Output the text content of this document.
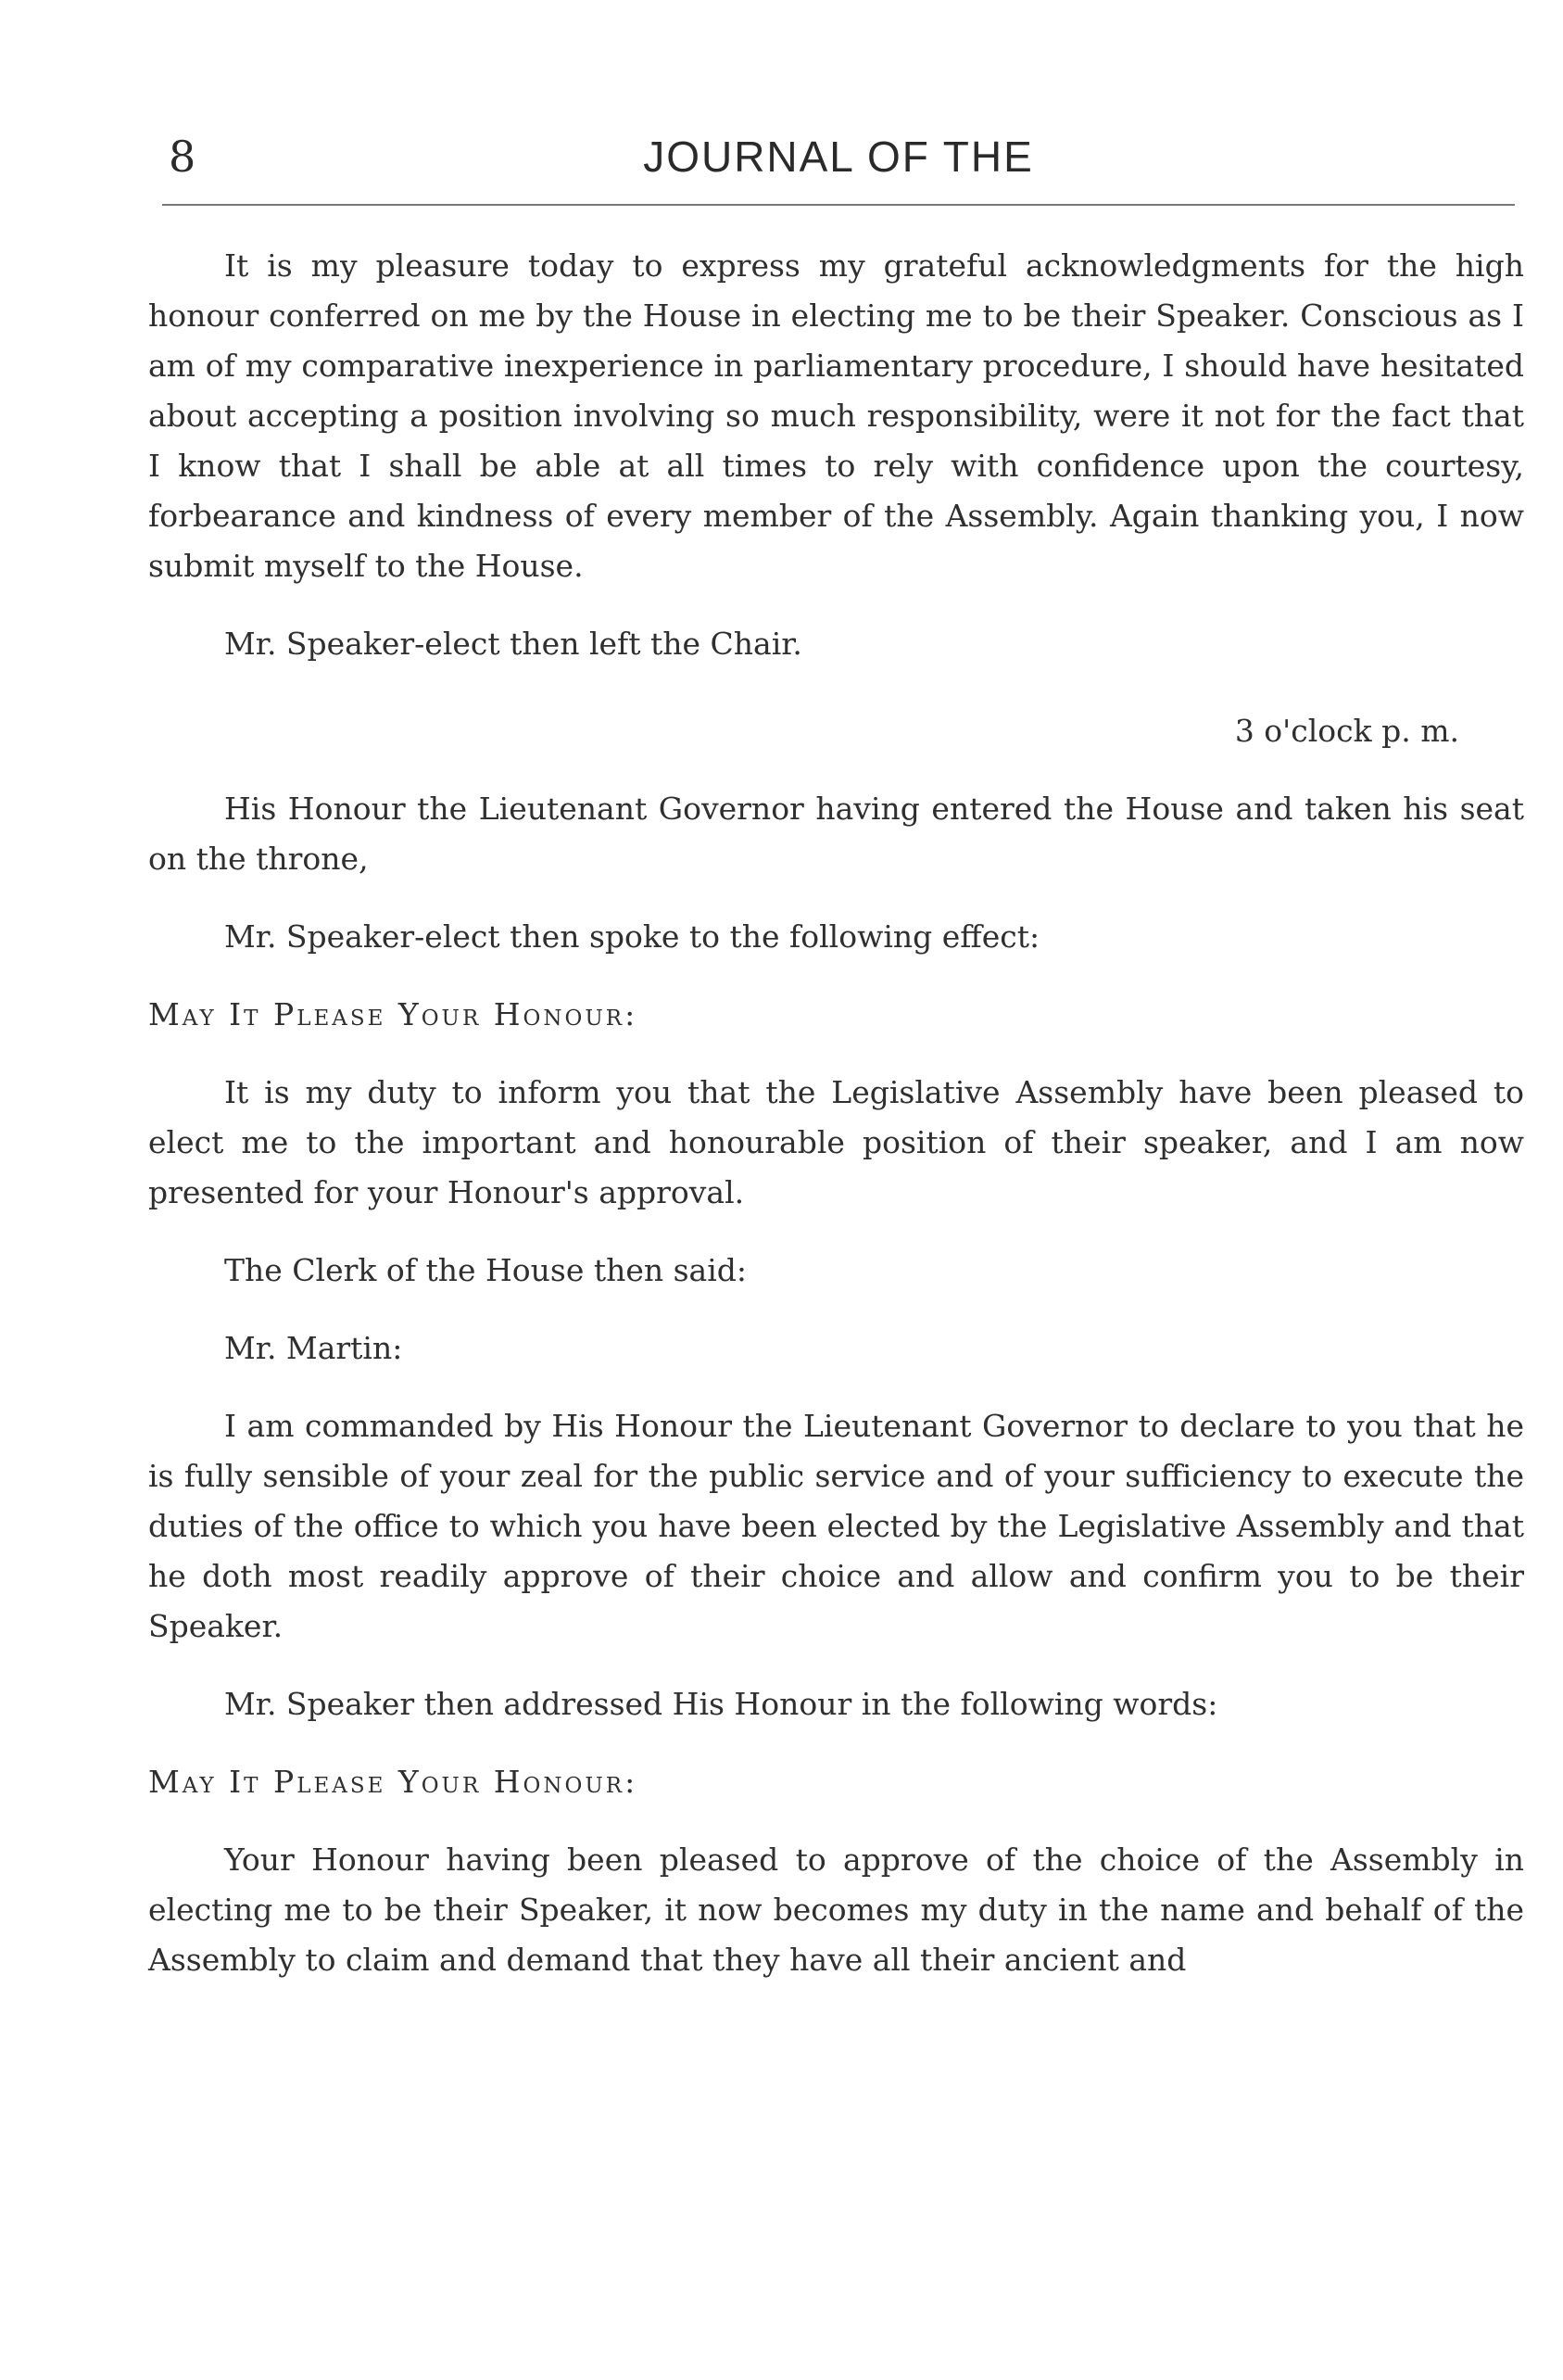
8	JOURNAL OF THE

It is my pleasure today to express my grateful acknowledgments for the high honour conferred on me by the House in electing me to be their Speaker. Conscious as I am of my comparative inexperience in parliamentary procedure, I should have hesitated about accepting a position involving so much responsibility, were it not for the fact that I know that I shall be able at all times to rely with confidence upon the courtesy, forbearance and kindness of every member of the Assembly. Again thanking you, I now submit myself to the House.

Mr. Speaker-elect then left the Chair.

3 o'clock p. m.

His Honour the Lieutenant Governor having entered the House and taken his seat on the throne,

Mr. Speaker-elect then spoke to the following effect:

May It Please Your Honour:

It is my duty to inform you that the Legislative Assembly have been pleased to elect me to the important and honourable position of their speaker, and I am now presented for your Honour's approval.

The Clerk of the House then said:

Mr. Martin:

I am commanded by His Honour the Lieutenant Governor to declare to you that he is fully sensible of your zeal for the public service and of your sufficiency to execute the duties of the office to which you have been elected by the Legislative Assembly and that he doth most readily approve of their choice and allow and confirm you to be their Speaker.

Mr. Speaker then addressed His Honour in the following words:

May It Please Your Honour:

Your Honour having been pleased to approve of the choice of the Assembly in electing me to be their Speaker, it now becomes my duty in the name and behalf of the Assembly to claim and demand that they have all their ancient and
